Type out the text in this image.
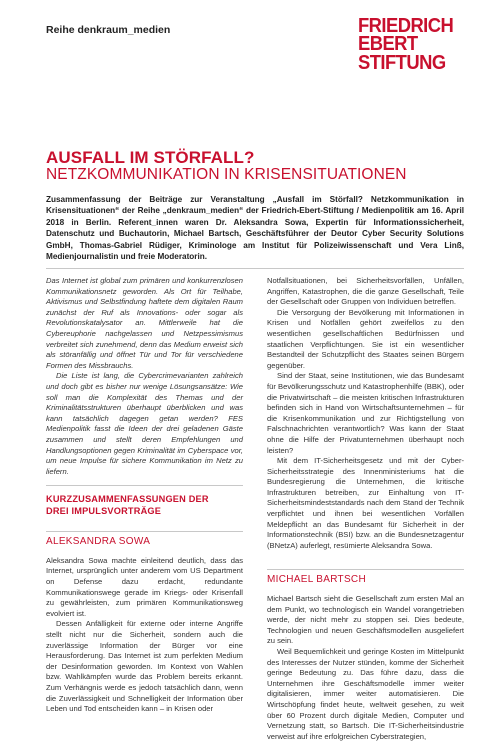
Reihe denkraum_medien	FRIEDRICH
EBERT
STIFTUNG
AUSFALL IM STÖRFALL?
NETZKOMMUNIKATION IN KRISENSITUATIONEN
Zusammenfassung der Beiträge zur Veranstaltung „Ausfall im Störfall? Netzkommunikation in Krisensituationen“ der Reihe „denkraum_medien“ der Friedrich-Ebert-Stiftung / Medienpolitik am 16. April 2018 in Berlin. Referent_innen waren Dr. Aleksandra Sowa, Expertin für Informationssicherheit, Datenschutz und Buchautorin, Michael Bartsch, Geschäftsführer der Deutor Cyber Security Solutions GmbH, Thomas-Gabriel Rüdiger, Kriminologe am Institut für Polizeiwissenschaft und Vera Linß, Medienjournalistin und freie Moderatorin.

Das Internet ist global zum primären und konkurrenzlosen Kommunikationsnetz geworden. Als Ort für Teilhabe, Aktivismus und Selbstfindung haftete dem digitalen Raum zunächst der Ruf als Innovations- oder sogar als Revolutionskatalysator an. Mittlerweile hat die Cybereuphorie nachgelassen und Netzpessimismus verbreitet sich zunehmend, denn das Medium erweist sich als störanfällig und öffnet Tür und Tor für verschiedene Formen des Missbrauchs.

Die Liste ist lang, die Cybercrimevarianten zahlreich und doch gibt es bisher nur wenige Lösungsansätze: Wie soll man die Komplexität des Themas und der Kriminalitätsstrukturen überhaupt überblicken und was kann tatsächlich dagegen getan werden? FES Medienpolitik fasst die Ideen der drei geladenen Gäste zusammen und stellt deren Empfehlungen und Handlungsoptionen gegen Kriminalität im Cyberspace vor, um neue Impulse für sichere Kommunikation im Netz zu liefern.

KURZZUSAMMENFASSUNGEN DER
DREI IMPULSVORTRÄGE

ALEKSANDRA SOWA

Aleksandra Sowa machte einleitend deutlich, dass das Internet, ursprünglich unter anderem vom US Department on Defense dazu erdacht, redundante Kommunikationswege gerade im Kriegs- oder Krisenfall zu gewährleisten, zum primären Kommunikationsweg evolviert ist.

Dessen Anfälligkeit für externe oder interne Angriffe stellt nicht nur die Sicherheit, sondern auch die zuverlässige Information der Bürger vor eine Herausforderung. Das Internet ist zum perfekten Medium der Desinformation geworden. Im Kontext von Wahlen bzw. Wahlkämpfen wurde das Problem bereits erkannt. Zum Verhängnis werde es jedoch tatsächlich dann, wenn die Zuverlässigkeit und Schnelligkeit der Information über Leben und Tod entscheiden kann – in Krisen oder

Notfallsituationen, bei Sicherheitsvorfällen, Unfällen, Angriffen, Katastrophen, die die ganze Gesellschaft, Teile der Gesellschaft oder Gruppen von Individuen betreffen.

Die Versorgung der Bevölkerung mit Informationen in Krisen und Notfällen gehört zweifellos zu den wesentlichen gesellschaftlichen Bedürfnissen und staatlichen Verpflichtungen. Sie ist ein wesentlicher Bestandteil der Schutzpflicht des Staates seinen Bürgern gegenüber.

Sind der Staat, seine Institutionen, wie das Bundesamt für Bevölkerungsschutz und Katastrophenhilfe (BBK), oder die Privatwirtschaft – die meisten kritischen Infrastrukturen befinden sich in Hand von Wirtschaftsunternehmen – für die Krisenkommunikation und zur Richtigstellung von Falschnachrichten verantwortlich? Was kann der Staat ohne die Hilfe der Privatunternehmen überhaupt noch leisten?

Mit dem IT-Sicherheitsgesetz und mit der Cyber-Sicherheitsstrategie des Innenministeriums hat die Bundesregierung die Unternehmen, die kritische Infrastrukturen betreiben, zur Einhaltung von IT-Sicherheitsmindeststandards nach dem Stand der Technik verpflichtet und ihnen bei wesentlichen Vorfällen Meldepflicht an das Bundesamt für Sicherheit in der Informationstechnik (BSI) bzw. an die Bundesnetzagentur (BNetzA) auferlegt, resümierte Aleksandra Sowa.

MICHAEL BARTSCH

Michael Bartsch sieht die Gesellschaft zum ersten Mal an dem Punkt, wo technologisch ein Wandel vorangetrieben werde, der nicht mehr zu stoppen sei. Dies bedeute, Technologien und neuen Geschäftsmodellen ausgeliefert zu sein.

Weil Bequemlichkeit und geringe Kosten im Mittelpunkt des Interesses der Nutzer stünden, komme der Sicherheit geringe Bedeutung zu. Das führe dazu, dass die Unternehmen ihre Geschäftsmodelle immer weiter digitalisieren, immer weiter automatisieren. Die Wirtschöpfung findet heute, weltweit gesehen, zu weit über 60 Prozent durch digitale Medien, Computer und Vernetzung statt, so Bartsch. Die IT-Sicherheitsindustrie verweist auf ihre erfolgreichen Cyberstrategien,
